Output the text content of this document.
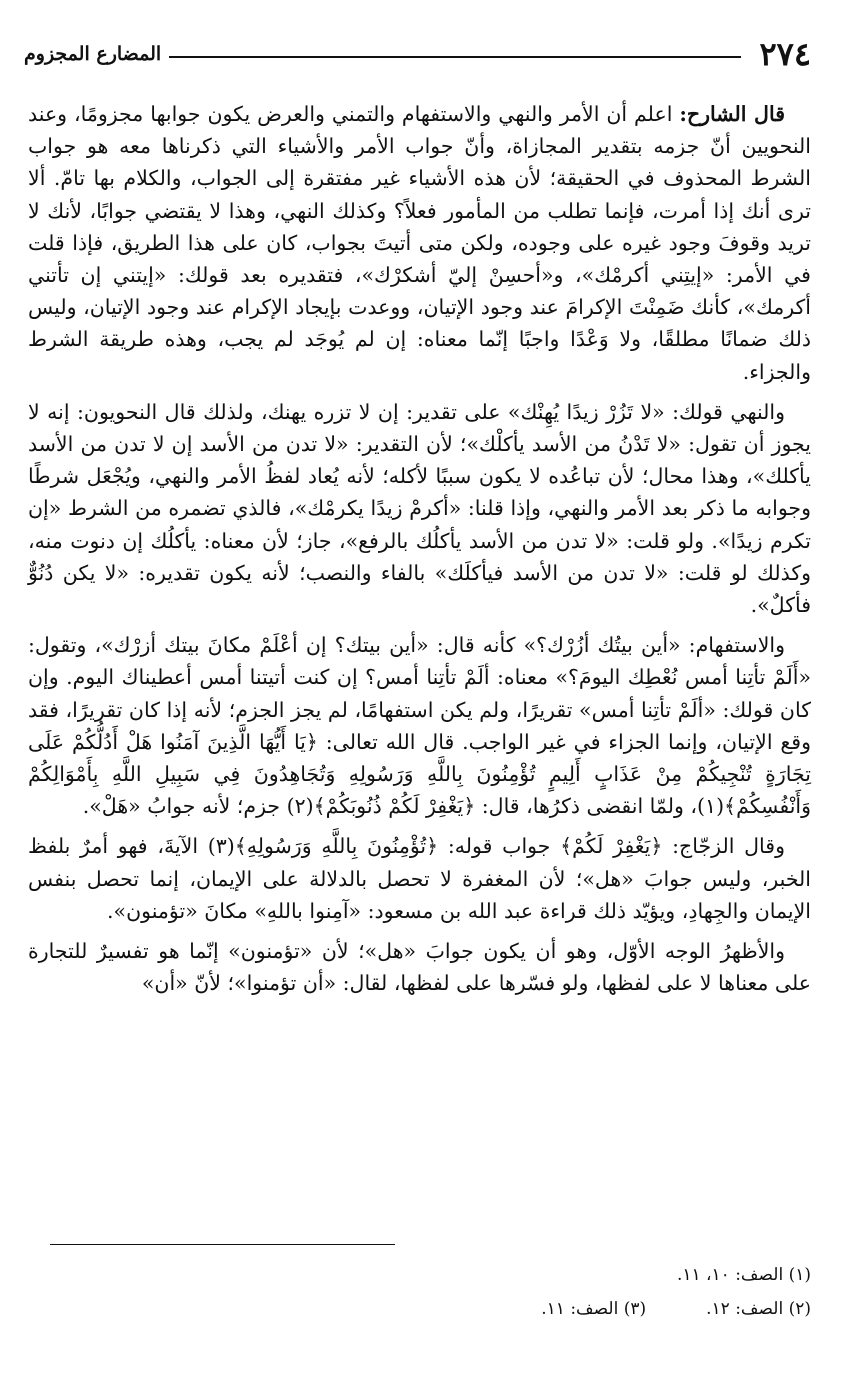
٢٧٤
المضارع المجزوم

قال الشارح: اعلم أن الأمر والنهي والاستفهام والتمني والعرض يكون جوابها مجزومًا، وعند النحويين أنّ جزمه بتقدير المجازاة، وأنّ جواب الأمر والأشياء التي ذكرناها معه هو جواب الشرط المحذوف في الحقيقة؛ لأن هذه الأشياء غير مفتقرة إلى الجواب، والكلام بها تامّ. ألا ترى أنك إذا أمرت، فإنما تطلب من المأمور فعلاً؟ وكذلك النهي، وهذا لا يقتضي جوابًا، لأنك لا تريد وقوفَ وجود غيره على وجوده، ولكن متى أتيتَ بجواب، كان على هذا الطريق، فإذا قلت في الأمر: «إيتِني أكرمْك»، و«أحسِنْ إليّ أشكرْك»، فتقديره بعد قولك: «إيتني إن تأتني أكرمك»، كأنك ضَمِنْتَ الإكرامَ عند وجود الإتيان، ووعدت بإيجاد الإكرام عند وجود الإتيان، وليس ذلك ضمانًا مطلقًا، ولا وَعْدًا واجبًا إنّما معناه: إن لم يُوجَد لم يجب، وهذه طريقة الشرط والجزاء.

والنهي قولك: «لا تَزُرْ زيدًا يُهِنْك» على تقدير: إن لا تزره يهنك، ولذلك قال النحويون: إنه لا يجوز أن تقول: «لا تَدْنُ من الأسد يأكلْك»؛ لأن التقدير: «لا تدن من الأسد إن لا تدن من الأسد يأكلك»، وهذا محال؛ لأن تباعُده لا يكون سببًا لأكله؛ لأنه يُعاد لفظُ الأمر والنهي، ويُجْعَل شرطًا وجوابه ما ذكر بعد الأمر والنهي، وإذا قلنا: «أكرمْ زيدًا يكرمْك»، فالذي تضمره من الشرط «إن تكرم زيدًا». ولو قلت: «لا تدن من الأسد يأكلُك بالرفع»، جاز؛ لأن معناه: يأكلُك إن دنوت منه، وكذلك لو قلت: «لا تدن من الأسد فيأكلَك» بالفاء والنصب؛ لأنه يكون تقديره: «لا يكن دُنُوٌّ فأكلٌ».

والاستفهام: «أين بيتُك أزُرْك؟» كأنه قال: «أين بيتك؟ إن أعْلَمْ مكانَ بيتك أزرْك»، وتقول: «أَلَمْ تأتِنا أمس نُعْطِك اليومَ؟» معناه: ألَمْ تأتِنا أمس؟ إن كنت أتيتنا أمس أعطيناك اليوم. وإن كان قولك: «ألَمْ تأتِنا أمس» تقريرًا، ولم يكن استفهامًا، لم يجز الجزم؛ لأنه إذا كان تقريرًا، فقد وقع الإتيان، وإنما الجزاء في غير الواجب. قال الله تعالى: ﴿يَا أَيُّهَا الَّذِينَ آمَنُوا هَلْ أَدُلُّكُمْ عَلَى تِجَارَةٍ تُنْجِيكُمْ مِنْ عَذَابٍ أَلِيمٍ تُؤْمِنُونَ بِاللَّهِ وَرَسُولِهِ وَتُجَاهِدُونَ فِي سَبِيلِ اللَّهِ بِأَمْوَالِكُمْ وَأَنْفُسِكُمْ﴾(١)، ولمّا انقضى ذكرُها، قال: ﴿يَغْفِرْ لَكُمْ ذُنُوبَكُمْ﴾(٢) جزم؛ لأنه جوابُ «هَلْ».

وقال الزجّاج: ﴿يَغْفِرْ لَكُمْ﴾ جواب قوله: ﴿تُؤْمِنُونَ بِاللَّهِ وَرَسُولِهِ﴾(٣) الآيةَ، فهو أمرٌ بلفظ الخبر، وليس جوابَ «هل»؛ لأن المغفرة لا تحصل بالدلالة على الإيمان، إنما تحصل بنفس الإيمان والجِهادِ، ويؤيّد ذلك قراءة عبد الله بن مسعود: «آمِنوا باللهِ» مكانَ «تؤمنون».

والأظهرُ الوجه الأوّل، وهو أن يكون جوابَ «هل»؛ لأن «تؤمنون» إنّما هو تفسيرٌ للتجارة على معناها لا على لفظها، ولو فسّرها على لفظها، لقال: «أن تؤمنوا»؛ لأنّ «أن»

(١) الصف: ١٠، ١١.
(٢) الصف: ١٢.
(٣) الصف: ١١.
